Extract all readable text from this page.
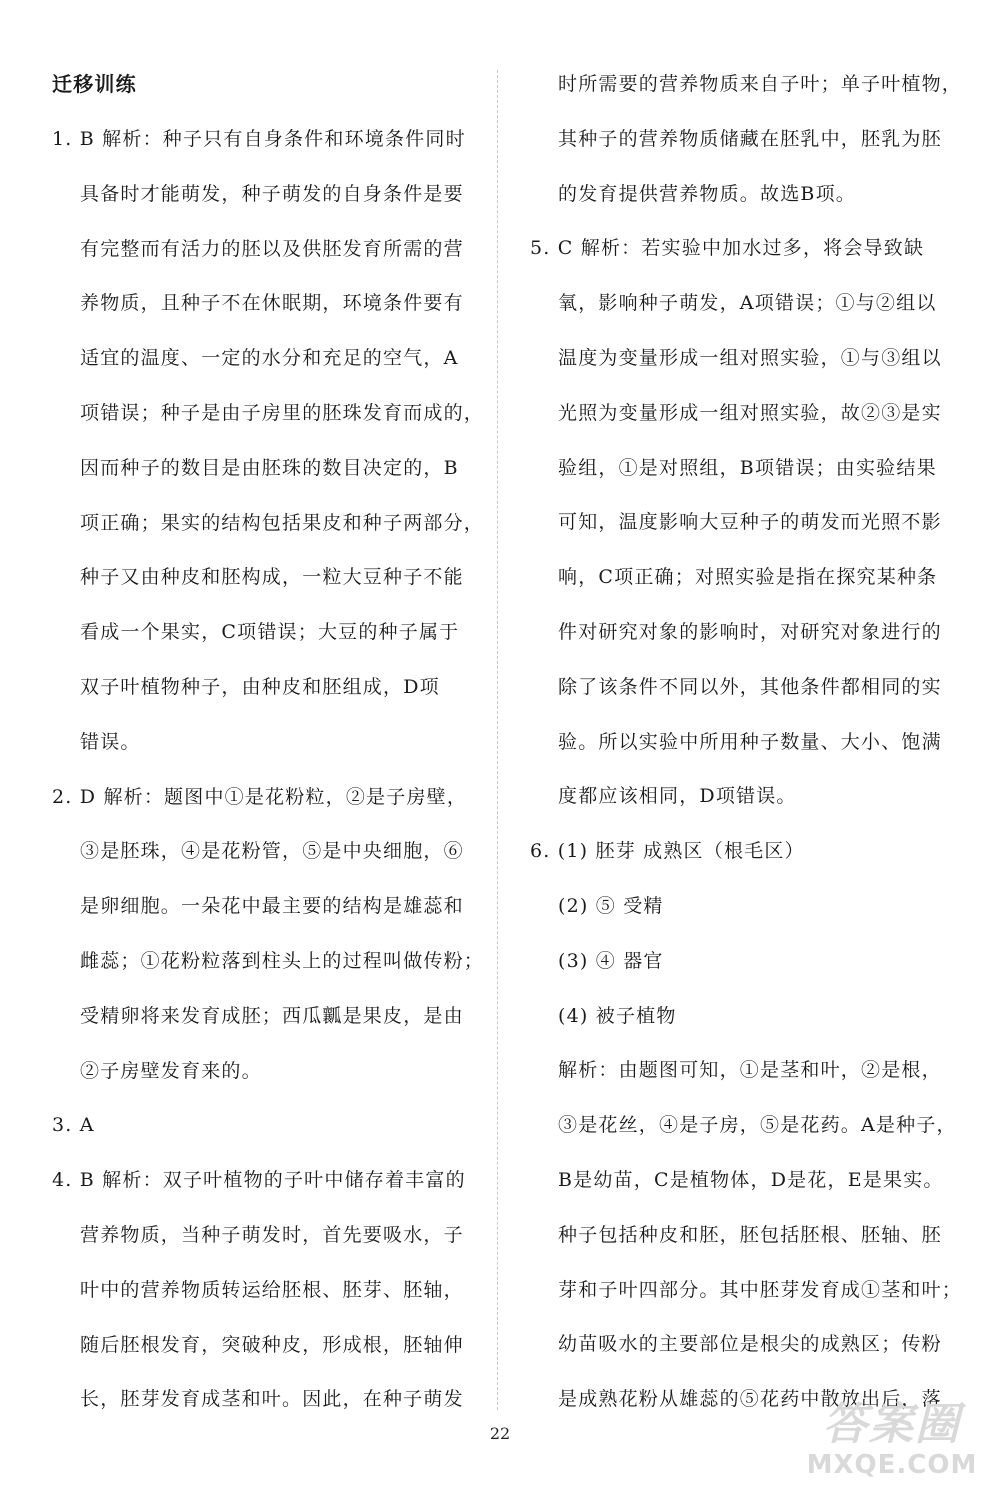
迁移训练
1. B 解析：种子只有自身条件和环境条件同时
具备时才能萌发，种子萌发的自身条件是要
有完整而有活力的胚以及供胚发育所需的营
养物质，且种子不在休眠期，环境条件要有
适宜的温度、一定的水分和充足的空气，A
项错误；种子是由子房里的胚珠发育而成的，
因而种子的数目是由胚珠的数目决定的，B
项正确；果实的结构包括果皮和种子两部分，
种子又由种皮和胚构成，一粒大豆种子不能
看成一个果实，C项错误；大豆的种子属于
双子叶植物种子，由种皮和胚组成，D项
错误。
2. D 解析：题图中①是花粉粒，②是子房壁，
③是胚珠，④是花粉管，⑤是中央细胞，⑥
是卵细胞。一朵花中最主要的结构是雄蕊和
雌蕊；①花粉粒落到柱头上的过程叫做传粉；
受精卵将来发育成胚；西瓜瓤是果皮，是由
②子房壁发育来的。
3. A
4. B 解析：双子叶植物的子叶中储存着丰富的
营养物质，当种子萌发时，首先要吸水，子
叶中的营养物质转运给胚根、胚芽、胚轴，
随后胚根发育，突破种皮，形成根，胚轴伸
长，胚芽发育成茎和叶。因此，在种子萌发
时所需要的营养物质来自子叶；单子叶植物，
其种子的营养物质储藏在胚乳中，胚乳为胚
的发育提供营养物质。故选B项。
5. C 解析：若实验中加水过多，将会导致缺
氧，影响种子萌发，A项错误；①与②组以
温度为变量形成一组对照实验，①与③组以
光照为变量形成一组对照实验，故②③是实
验组，①是对照组，B项错误；由实验结果
可知，温度影响大豆种子的萌发而光照不影
响，C项正确；对照实验是指在探究某种条
件对研究对象的影响时，对研究对象进行的
除了该条件不同以外，其他条件都相同的实
验。所以实验中所用种子数量、大小、饱满
度都应该相同，D项错误。
6. (1) 胚芽 成熟区（根毛区）
(2) ⑤ 受精
(3) ④ 器官
(4) 被子植物
解析：由题图可知，①是茎和叶，②是根，
③是花丝，④是子房，⑤是花药。A是种子，
B是幼苗，C是植物体，D是花，E是果实。
种子包括种皮和胚，胚包括胚根、胚轴、胚
芽和子叶四部分。其中胚芽发育成①茎和叶；
幼苗吸水的主要部位是根尖的成熟区；传粉
是成熟花粉从雄蕊的⑤花药中散放出后，落
22	答案圈
MXQE.COM
